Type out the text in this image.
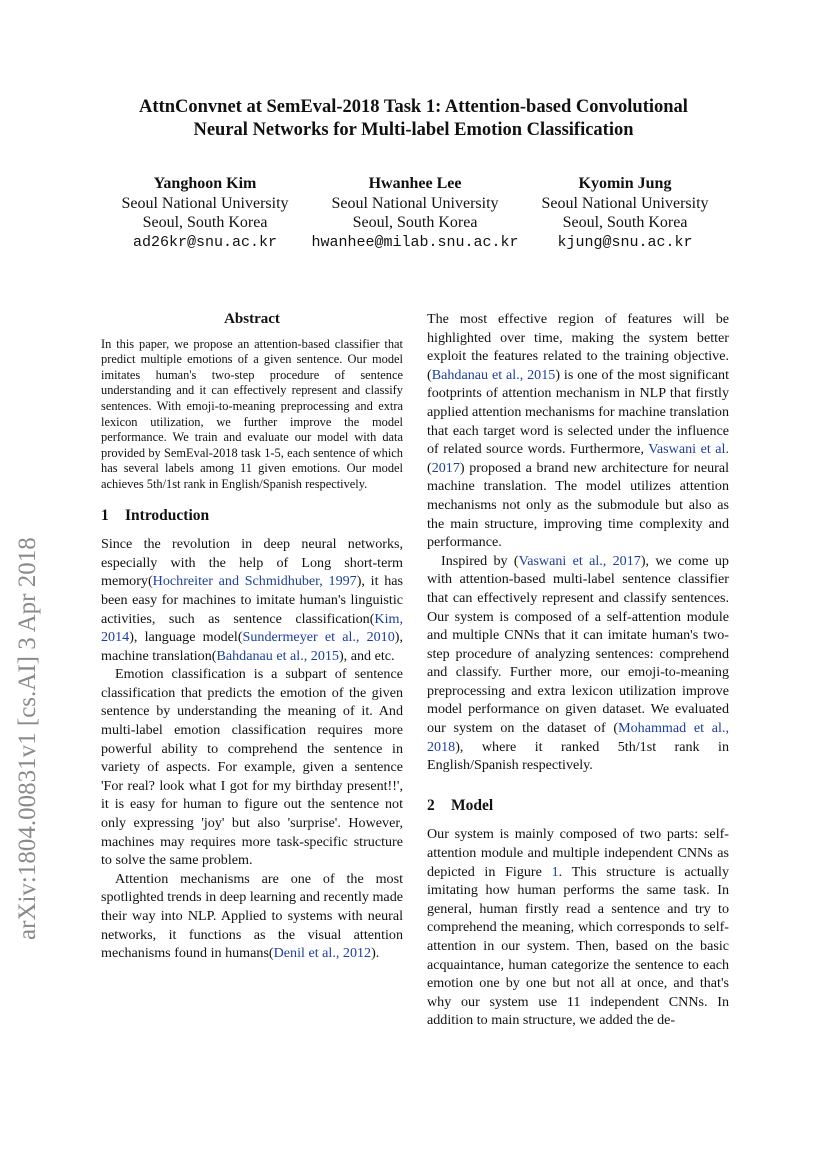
arXiv:1804.00831v1 [cs.AI] 3 Apr 2018
AttnConvnet at SemEval-2018 Task 1: Attention-based Convolutional
Neural Networks for Multi-label Emotion Classification
Yanghoon Kim
Seoul National University
Seoul, South Korea
ad26kr@snu.ac.kr
Hwanhee Lee
Seoul National University
Seoul, South Korea
hwanhee@milab.snu.ac.kr
Kyomin Jung
Seoul National University
Seoul, South Korea
kjung@snu.ac.kr
Abstract

In this paper, we propose an attention-based classifier that predict multiple emotions of a given sentence. Our model imitates human's two-step procedure of sentence understanding and it can effectively represent and classify sentences. With emoji-to-meaning preprocessing and extra lexicon utilization, we further improve the model performance. We train and evaluate our model with data provided by SemEval-2018 task 1-5, each sentence of which has several labels among 11 given emotions. Our model achieves 5th/1st rank in English/Spanish respectively.

1 Introduction

Since the revolution in deep neural networks, especially with the help of Long short-term memory(Hochreiter and Schmidhuber, 1997), it has been easy for machines to imitate human's linguistic activities, such as sentence classification(Kim, 2014), language model(Sundermeyer et al., 2010), machine translation(Bahdanau et al., 2015), and etc.

Emotion classification is a subpart of sentence classification that predicts the emotion of the given sentence by understanding the meaning of it. And multi-label emotion classification requires more powerful ability to comprehend the sentence in variety of aspects. For example, given a sentence 'For real? look what I got for my birthday present!!', it is easy for human to figure out the sentence not only expressing 'joy' but also 'surprise'. However, machines may requires more task-specific structure to solve the same problem.

Attention mechanisms are one of the most spotlighted trends in deep learning and recently made their way into NLP. Applied to systems with neural networks, it functions as the visual attention mechanisms found in humans(Denil et al., 2012).

The most effective region of features will be highlighted over time, making the system better exploit the features related to the training objective. (Bahdanau et al., 2015) is one of the most significant footprints of attention mechanism in NLP that firstly applied attention mechanisms for machine translation that each target word is selected under the influence of related source words. Furthermore, Vaswani et al. (2017) proposed a brand new architecture for neural machine translation. The model utilizes attention mechanisms not only as the submodule but also as the main structure, improving time complexity and performance.

Inspired by (Vaswani et al., 2017), we come up with attention-based multi-label sentence classifier that can effectively represent and classify sentences. Our system is composed of a self-attention module and multiple CNNs that it can imitate human's two-step procedure of analyzing sentences: comprehend and classify. Further more, our emoji-to-meaning preprocessing and extra lexicon utilization improve model performance on given dataset. We evaluated our system on the dataset of (Mohammad et al., 2018), where it ranked 5th/1st rank in English/Spanish respectively.

2 Model

Our system is mainly composed of two parts: self-attention module and multiple independent CNNs as depicted in Figure 1. This structure is actually imitating how human performs the same task. In general, human firstly read a sentence and try to comprehend the meaning, which corresponds to self-attention in our system. Then, based on the basic acquaintance, human categorize the sentence to each emotion one by one but not all at once, and that's why our system use 11 independent CNNs. In addition to main structure, we added the de-
